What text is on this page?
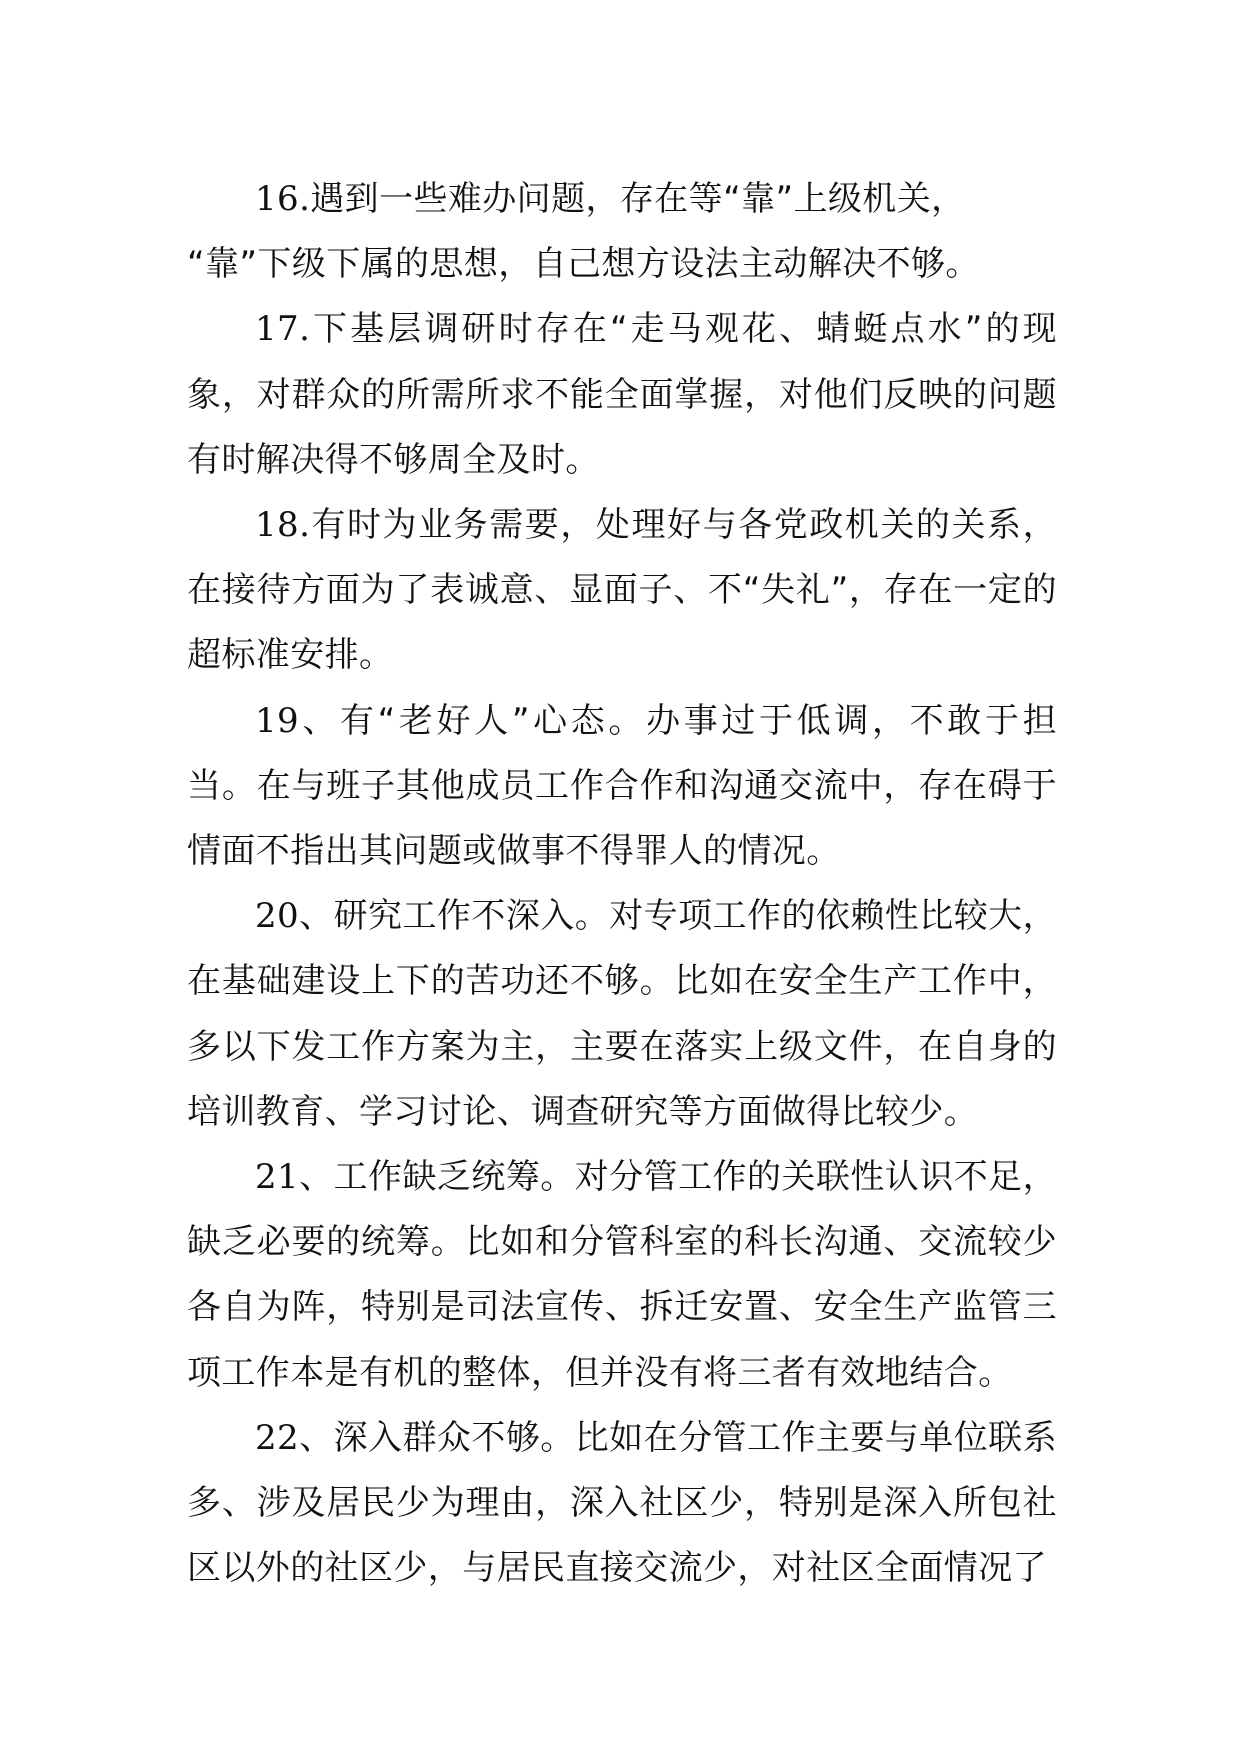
16.遇到一些难办问题，存在等“靠”上级机关，
“靠”下级下属的思想，自己想方设法主动解决不够。

17.下基层调研时存在“走马观花、蜻蜓点水”的现象，对群众的所需所求不能全面掌握，对他们反映的问题有时解决得不够周全及时。

18.有时为业务需要，处理好与各党政机关的关系，在接待方面为了表诚意、显面子、不“失礼”，存在一定的超标准安排。

19、有“老好人”心态。办事过于低调，不敢于担当。在与班子其他成员工作合作和沟通交流中，存在碍于情面不指出其问题或做事不得罪人的情况。

20、研究工作不深入。对专项工作的依赖性比较大，在基础建设上下的苦功还不够。比如在安全生产工作中，多以下发工作方案为主，主要在落实上级文件，在自身的培训教育、学习讨论、调查研究等方面做得比较少。

21、工作缺乏统筹。对分管工作的关联性认识不足，缺乏必要的统筹。比如和分管科室的科长沟通、交流较少各自为阵，特别是司法宣传、拆迁安置、安全生产监管三项工作本是有机的整体，但并没有将三者有效地结合。

22、深入群众不够。比如在分管工作主要与单位联系多、涉及居民少为理由，深入社区少，特别是深入所包社区以外的社区少，与居民直接交流少，对社区全面情况了
